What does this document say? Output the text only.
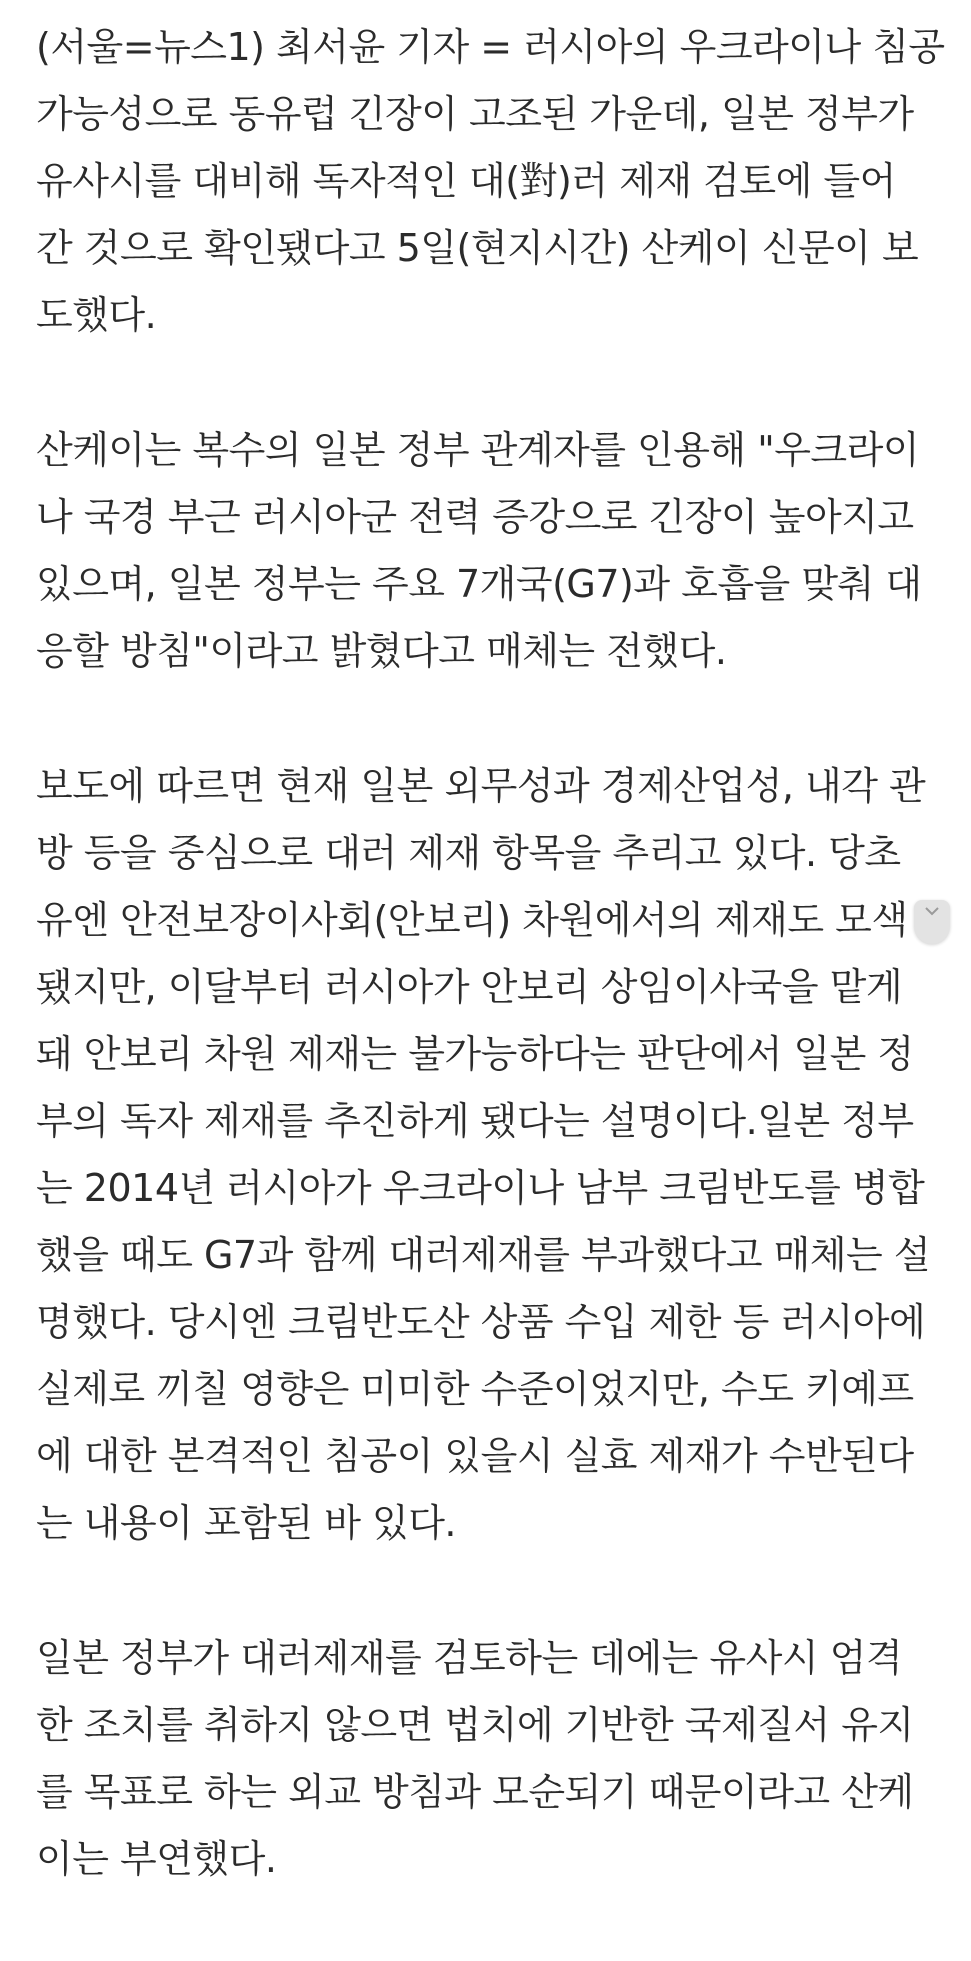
(서울=뉴스1) 최서윤 기자 = 러시아의 우크라이나 침공
가능성으로 동유럽 긴장이 고조된 가운데, 일본 정부가
유사시를 대비해 독자적인 대(對)러 제재 검토에 들어
간 것으로 확인됐다고 5일(현지시간) 산케이 신문이 보
도했다.

산케이는 복수의 일본 정부 관계자를 인용해 "우크라이
나 국경 부근 러시아군 전력 증강으로 긴장이 높아지고
있으며, 일본 정부는 주요 7개국(G7)과 호흡을 맞춰 대
응할 방침"이라고 밝혔다고 매체는 전했다.

보도에 따르면 현재 일본 외무성과 경제산업성, 내각 관
방 등을 중심으로 대러 제재 항목을 추리고 있다. 당초
유엔 안전보장이사회(안보리) 차원에서의 제재도 모색
됐지만, 이달부터 러시아가 안보리 상임이사국을 맡게
돼 안보리 차원 제재는 불가능하다는 판단에서 일본 정
부의 독자 제재를 추진하게 됐다는 설명이다.일본 정부
는 2014년 러시아가 우크라이나 남부 크림반도를 병합
했을 때도 G7과 함께 대러제재를 부과했다고 매체는 설
명했다. 당시엔 크림반도산 상품 수입 제한 등 러시아에
실제로 끼칠 영향은 미미한 수준이었지만, 수도 키예프
에 대한 본격적인 침공이 있을시 실효 제재가 수반된다
는 내용이 포함된 바 있다.

일본 정부가 대러제재를 검토하는 데에는 유사시 엄격
한 조치를 취하지 않으면 법치에 기반한 국제질서 유지
를 목표로 하는 외교 방침과 모순되기 때문이라고 산케
이는 부연했다.
